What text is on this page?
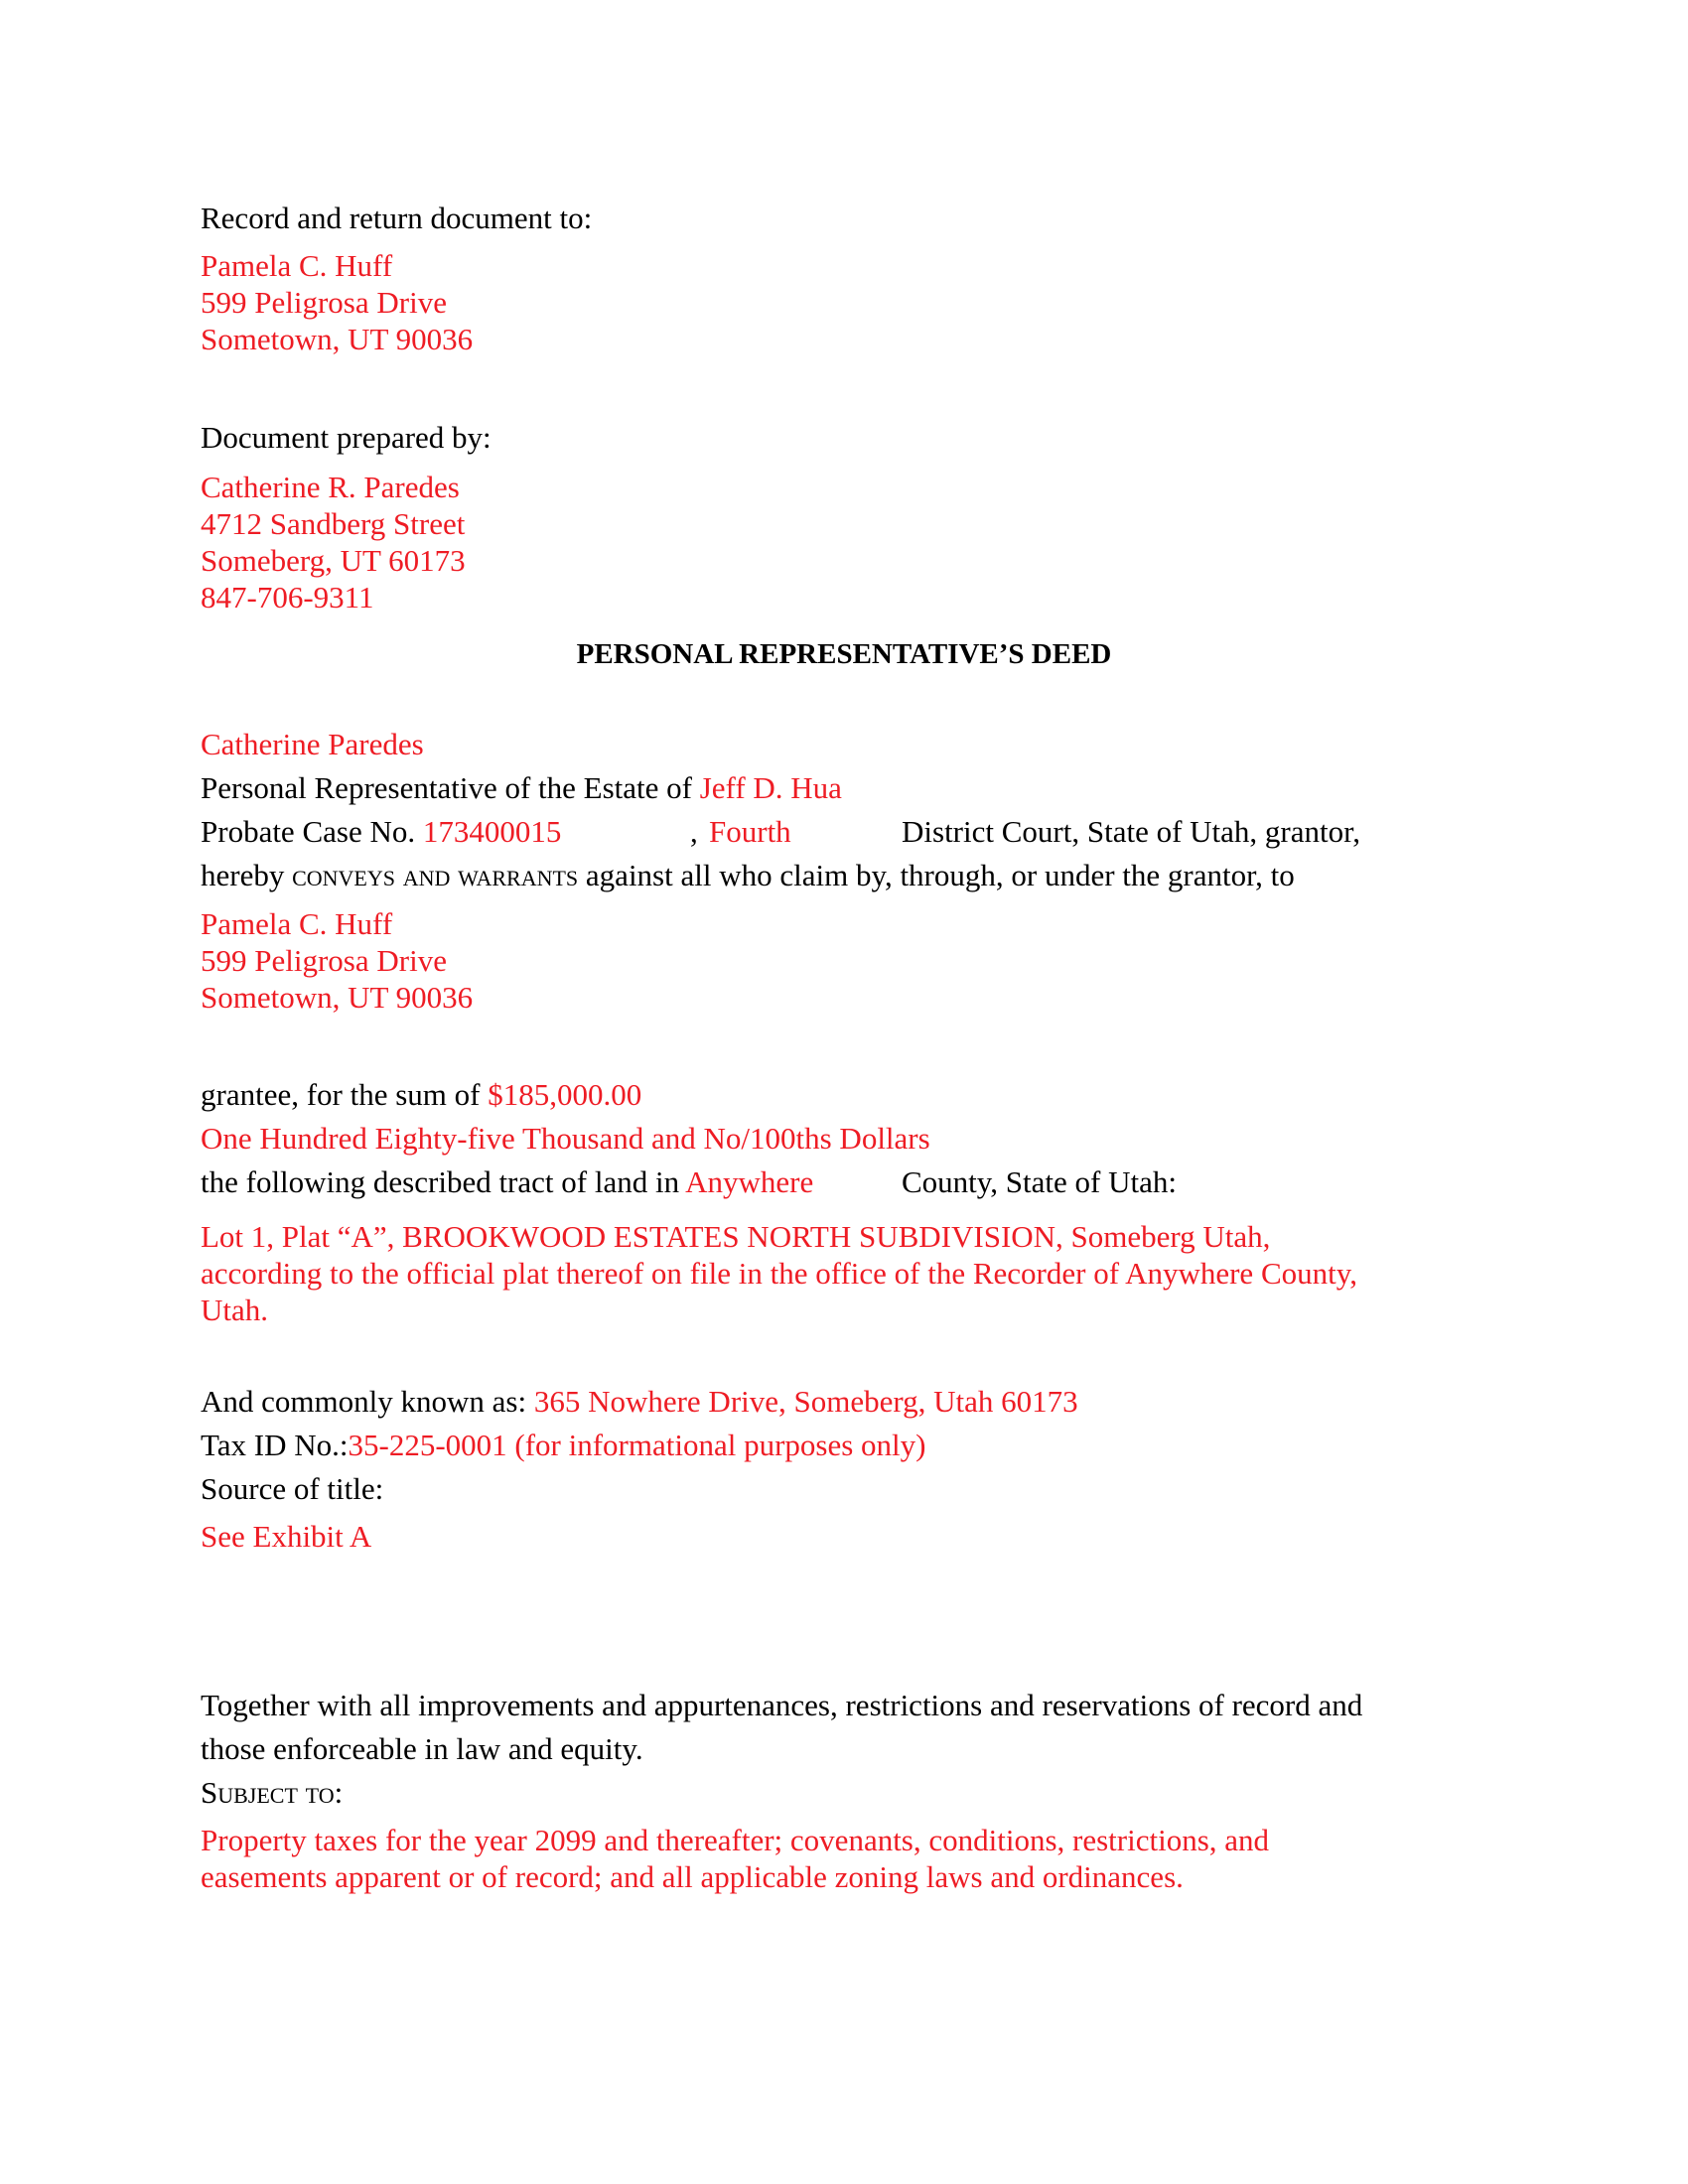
Record and return document to:
Pamela C. Huff
599 Peligrosa Drive
Sometown, UT 90036
Document prepared by:
Catherine R. Paredes
4712 Sandberg Street
Someberg, UT 60173
847-706-9311
PERSONAL REPRESENTATIVE’S DEED
Catherine Paredes
Personal Representative of the Estate of Jeff D. Hua
Probate Case No. 173400015	, Fourth	District Court, State of Utah, grantor,
hereby conveys and warrants against all who claim by, through, or under the grantor, to
Pamela C. Huff
599 Peligrosa Drive
Sometown, UT 90036
grantee, for the sum of $185,000.00
One Hundred Eighty-five Thousand and No/100ths Dollars
the following described tract of land in Anywhere	County, State of Utah:
Lot 1, Plat “A”, BROOKWOOD ESTATES NORTH SUBDIVISION, Someberg Utah,
according to the official plat thereof on file in the office of the Recorder of Anywhere County,
Utah.
And commonly known as: 365 Nowhere Drive, Someberg, Utah 60173
Tax ID No.:35-225-0001 (for informational purposes only)
Source of title:
See Exhibit A
Together with all improvements and appurtenances, restrictions and reservations of record and
those enforceable in law and equity.
Subject to:
Property taxes for the year 2099 and thereafter; covenants, conditions, restrictions, and
easements apparent or of record; and all applicable zoning laws and ordinances.
